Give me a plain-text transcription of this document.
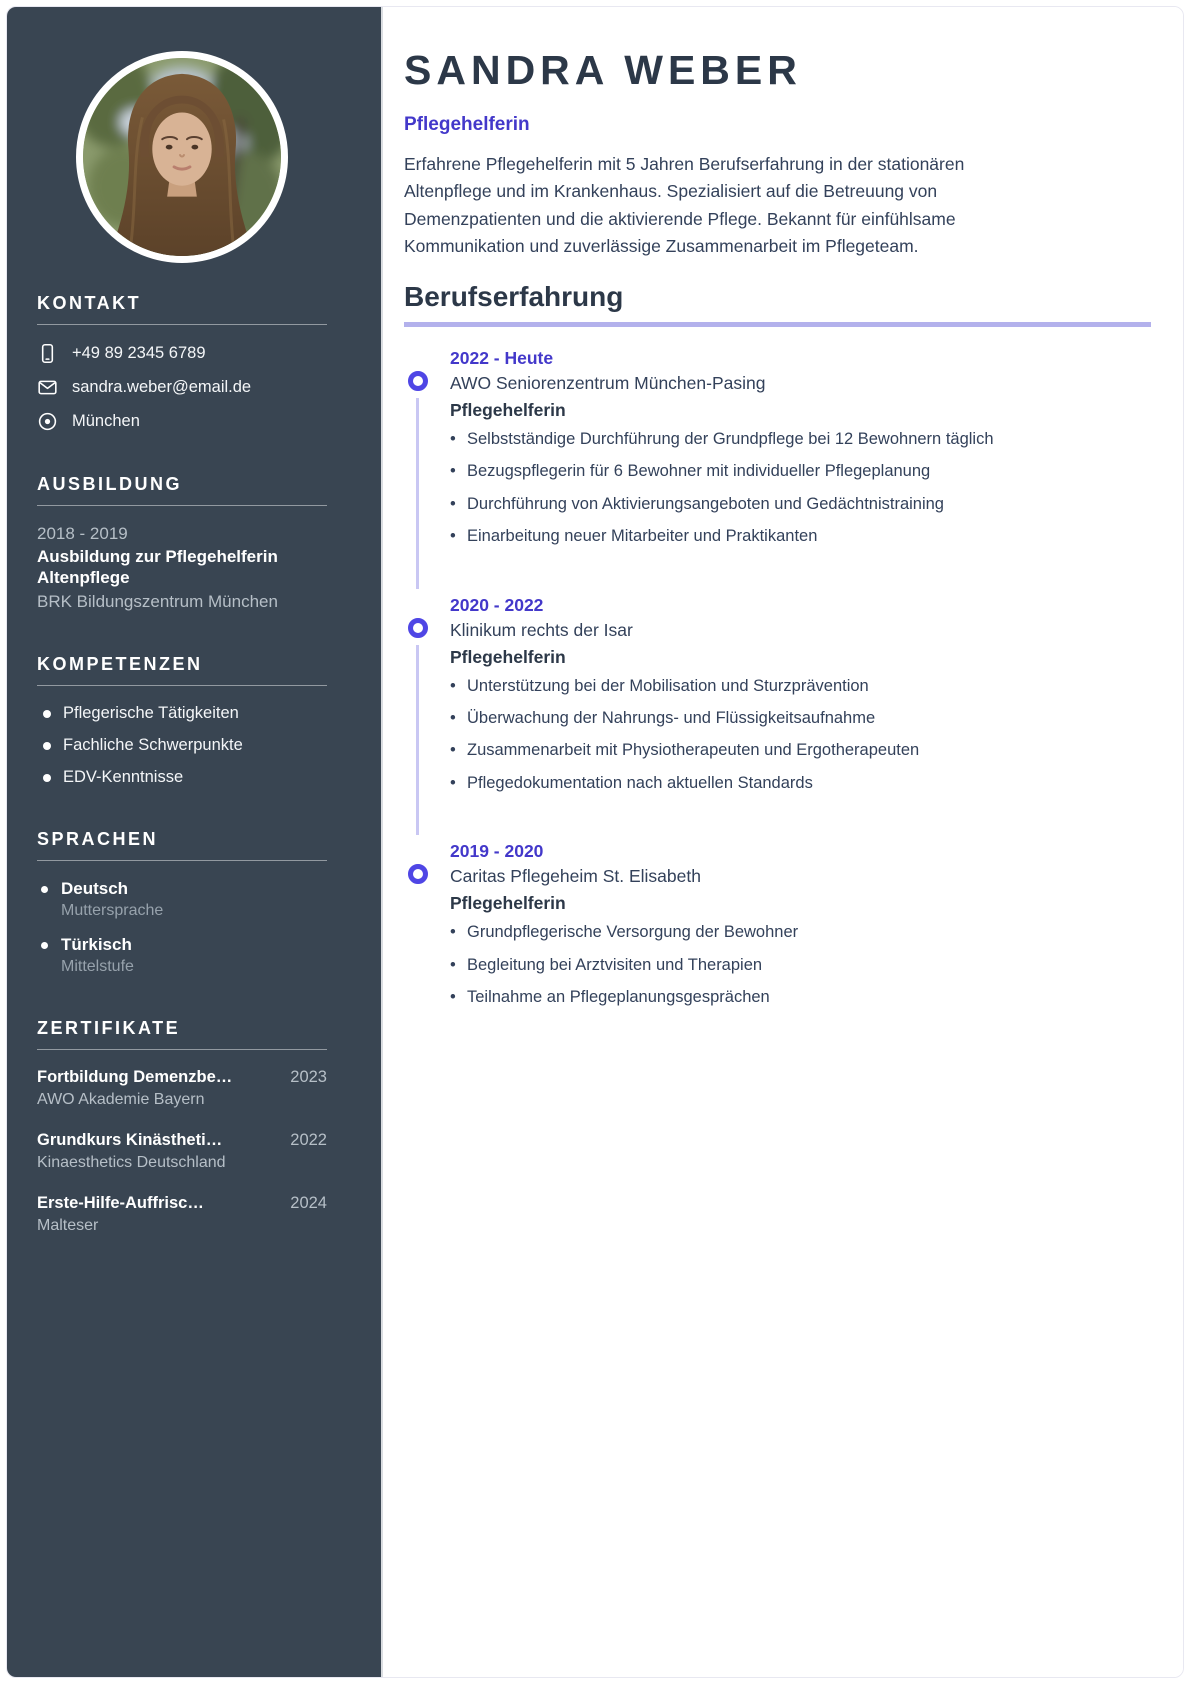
KONTAKT
+49 89 2345 6789
sandra.weber@email.de
München
AUSBILDUNG
2018 - 2019
Ausbildung zur Pflegehelferin Altenpflege
BRK Bildungszentrum München
KOMPETENZEN
Pflegerische Tätigkeiten
Fachliche Schwerpunkte
EDV-Kenntnisse
SPRACHEN
Deutsch
Muttersprache
Türkisch
Mittelstufe
ZERTIFIKATE
Fortbildung Demenzbe…	2023
AWO Akademie Bayern
Grundkurs Kinästheti…	2022
Kinaesthetics Deutschland
Erste-Hilfe-Auffrisc…	2024
Malteser
SANDRA WEBER
Pflegehelferin

Erfahrene Pflegehelferin mit 5 Jahren Berufserfahrung in der stationären Altenpflege und im Krankenhaus. Spezialisiert auf die Betreuung von Demenzpatienten und die aktivierende Pflege. Bekannt für einfühlsame Kommunikation und zuverlässige Zusammenarbeit im Pflegeteam.

Berufserfahrung
2022 - Heute
AWO Seniorenzentrum München-Pasing
Pflegehelferin
• Selbstständige Durchführung der Grundpflege bei 12 Bewohnern täglich
• Bezugspflegerin für 6 Bewohner mit individueller Pflegeplanung
• Durchführung von Aktivierungsangeboten und Gedächtnistraining
• Einarbeitung neuer Mitarbeiter und Praktikanten
2020 - 2022
Klinikum rechts der Isar
Pflegehelferin
• Unterstützung bei der Mobilisation und Sturzprävention
• Überwachung der Nahrungs- und Flüssigkeitsaufnahme
• Zusammenarbeit mit Physiotherapeuten und Ergotherapeuten
• Pflegedokumentation nach aktuellen Standards
2019 - 2020
Caritas Pflegeheim St. Elisabeth
Pflegehelferin
• Grundpflegerische Versorgung der Bewohner
• Begleitung bei Arztvisiten und Therapien
• Teilnahme an Pflegeplanungsgesprächen
